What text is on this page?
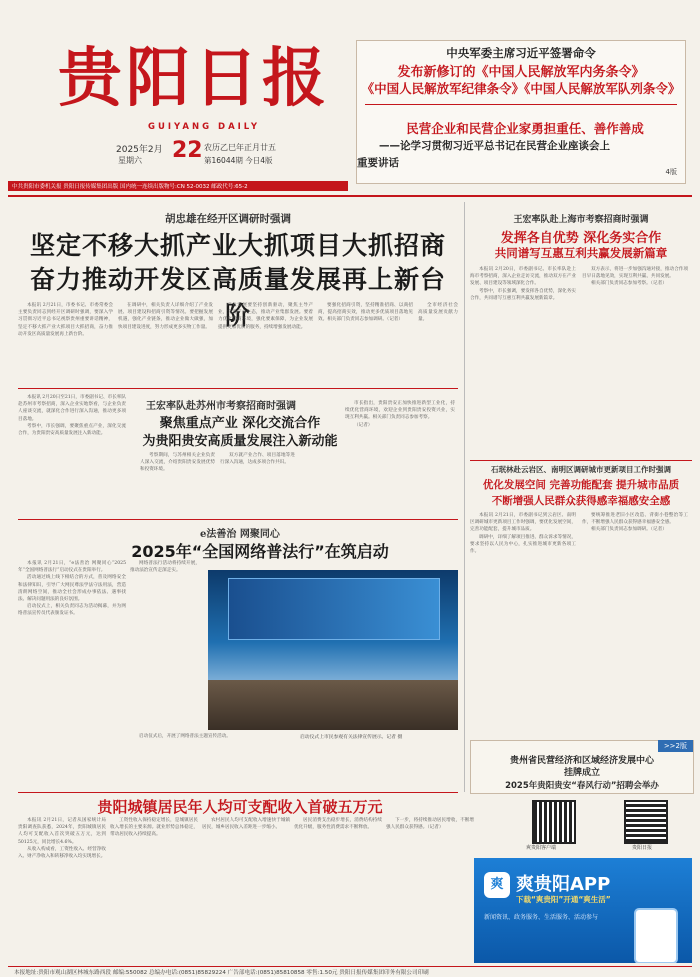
贵阳日报
GUIYANG DAILY
2025年2月
星期六 22 农历乙巳年正月廿五
第16044期 今日4版
中央军委主席习近平签署命令
发布新修订的《中国人民解放军内务条令》
《中国人民解放军纪律条令》《中国人民解放军队列条令》
民营企业和民营企业家勇担重任、善作善成
——论学习贯彻习近平总书记在民营企业座谈会上
重要讲话
4版
中共贵阳市委机关报 贵阳日报传媒集团出版 国内统一连续出版物号:CN 52-0032 邮政代号:65-2
胡忠雄在经开区调研时强调
坚定不移大抓产业大抓项目大抓招商
奋力推动开发区高质量发展再上新台阶

本报讯 2月21日，市委书记、市委常委会主要负责同志到经开区调研时强调，要深入学习贯彻习近平总书记视察贵州重要讲话精神，坚定不移大抓产业大抓项目大抓招商，奋力推动开发区高质量发展再上新台阶。

在调研中，相关负责人详细介绍了产业发展、项目建设和招商引资等情况。要把握发展机遇，强化产业链条，推动企业做大做强，加快项目建设进度，努力形成更多实物工作量。

产业发展要坚持创新驱动，聚焦主导产业，完善产业生态，推动产业集群发展。要着力优化营商环境，强化要素保障，为企业发展提供更加优质的服务，持续增强发展动能。

要强化招商引资，坚持精准招商、以商招商，提高招商实效，推动更多优质项目落地见效。相关部门负责同志参加调研。（记者）

全市经济社会高质量发展贡献力量。

本报讯 2月20日至21日，市委副书记、市长率队赴苏州市考察招商，深入企业实地察看，与企业负责人座谈交流，就深化合作进行深入沟通，推动更多项目落地。

考察中，市长强调，要聚焦重点产业，深化交流合作，为贵阳贵安高质量发展注入新动能。

王宏率队赴苏州市考察招商时强调
聚焦重点产业 深化交流合作
为贵阳贵安高质量发展注入新动能

考察期间，与苏州相关企业负责人深入交流，介绍贵阳贵安发展优势和投资环境。

双方就产业合作、项目落地等进行深入沟通，达成多项合作共识。

市长指出，贵阳贵安正加快推进新型工业化，持续优化营商环境，欢迎企业到贵阳贵安投资兴业，实现互利共赢。相关部门负责同志参加考察。

（记者）

e法善治 网聚同心
2025年“全国网络普法行”在筑启动

本报讯 2月21日，“e法善治 网聚同心”2025年“全国网络普法行”启动仪式在贵阳举行。

活动通过线上线下相结合的方式，普及网络安全和法律知识，引导广大网民尊法学法守法用法，营造清朗网络空间，推动全社会形成办事依法、遇事找法、解决问题用法的良好氛围。

启动仪式上，相关负责同志为活动揭幕，并为网络普法宣传员代表颁发证书。

网络普法行活动将持续开展，推动法治宣传走深走实。

启动仪式上市民参观有关法律宣传展示。记者 摄

启动仪式后，开展了网络普法主题宣传活动。

贵阳城镇居民年人均可支配收入首破五万元

本报讯 2月21日，记者从国家统计局贵阳调查队获悉，2024年，贵阳城镇居民人均可支配收入首次突破五万元，达到50125元，同比增长4.6%。

从收入构成看，工资性收入、经营净收入、财产净收入和转移净收入均实现增长。

工资性收入保持稳定增长，是城镇居民收入增长的主要来源。就业形势总体稳定，带动居民收入持续提高。

农村居民人均可支配收入增速快于城镇居民，城乡居民收入差距进一步缩小。

居民消费支出稳步增长，消费结构持续优化升级，服务性消费需求不断释放。

下一步，将持续推动居民增收，不断增强人民群众获得感。（记者）

王宏率队赴上海市考察招商时强调
发挥各自优势 深化务实合作
共同谱写互惠互利共赢发展新篇章

本报讯 2月20日，市委副书记、市长率队赴上海市考察招商，深入企业走访交流，推动双方在产业发展、项目建设等领域深化合作。

考察中，市长强调，要发挥各自优势，深化务实合作，共同谱写互惠互利共赢发展新篇章。

双方表示，将进一步加强沟通对接，推动合作项目早日落地见效，实现互利共赢、共同发展。

相关部门负责同志参加考察。（记者）

石珉林赴云岩区、南明区调研城市更新项目工作时强调
优化发展空间 完善功能配套 提升城市品质
不断增强人民群众获得感幸福感安全感

本报讯 2月21日，市委副书记到云岩区、南明区调研城市更新项目工作时强调，要优化发展空间，完善功能配套，提升城市品质。

调研中，详细了解项目推进、群众诉求等情况，要求坚持以人民为中心，扎实推进城市更新各项工作。

要统筹推进老旧小区改造、背街小巷整治等工作，不断增强人民群众获得感幸福感安全感。

相关部门负责同志参加调研。（记者）

>>2版
贵州省民营经济和区域经济发展中心
挂牌成立
2025年贵阳贵安“春风行动”招聘会举办
爽贵阳客户端	贵阳日报
爽 爽贵阳APP
下载“爽贵阳”开通“爽生活”
新闻资讯、政务服务、生活服务、活动参与
本报地址:贵阳市观山湖区林城东路西段 邮编:550082 总编办电话:(0851)85829224 广告部电话:(0851)85810858 零售:1.50元 贵阳日报传媒集团印务有限公司印刷
